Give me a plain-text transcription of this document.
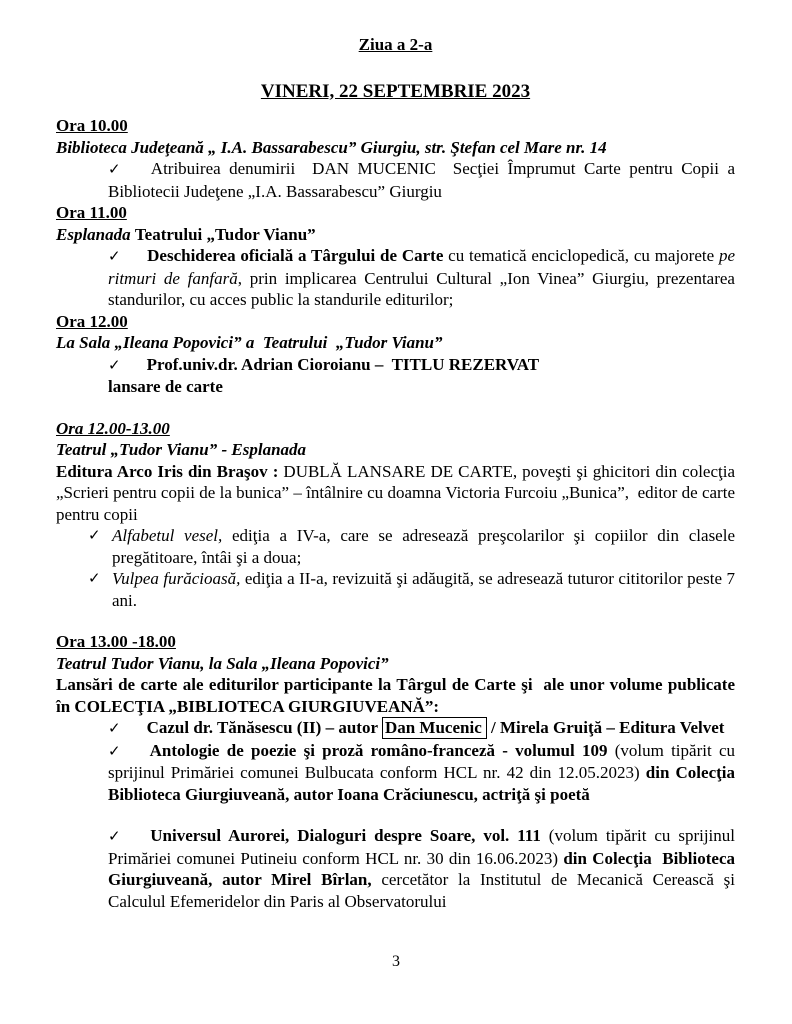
Ziua a 2-a
VINERI, 22 SEPTEMBRIE 2023
Ora 10.00
Biblioteca Judeţeană „ I.A. Bassarabescu” Giurgiu, str. Ştefan cel Mare nr. 14
✓ Atribuirea denumirii  DAN MUCENIC  Secţiei Împrumut Carte pentru Copii a Bibliotecii Judeţene „I.A. Bassarabescu” Giurgiu
Ora 11.00
Esplanada Teatrului „Tudor Vianu”
✓ Deschiderea oficială a Târgului de Carte cu tematică enciclopedică, cu majorete pe ritmuri de fanfară, prin implicarea Centrului Cultural „Ion Vinea” Giurgiu, prezentarea standurilor, cu acces public la standurile editurilor;
Ora 12.00
La Sala „Ileana Popovici” a  Teatrului  „Tudor Vianu”
✓ Prof.univ.dr. Adrian Cioroianu –  TITLU REZERVAT
lansare de carte
Ora 12.00-13.00
Teatrul „Tudor Vianu” - Esplanada
Editura Arco Iris din Braşov : DUBLĂ LANSARE DE CARTE, poveşti şi ghicitori din colecţia „Scrieri pentru copii de la bunica” – întâlnire cu doamna Victoria Furcoiu „Bunica”,  editor de carte pentru copii
✓ Alfabetul vesel, ediţia a IV-a, care se adresează preşcolarilor şi copiilor din clasele pregătitoare, întâi şi a doua;
✓ Vulpea furăcioasă, ediţia a II-a, revizuită şi adăugită, se adresează tuturor cititorilor peste 7 ani.
Ora 13.00 -18.00
Teatrul Tudor Vianu, la Sala „Ileana Popovici”
Lansări de carte ale editurilor participante la Târgul de Carte şi  ale unor volume publicate în COLECŢIA „BIBLIOTECA GIURGIUVEANĂ”:
✓ Cazul dr. Tănăsescu (II) – autor Dan Mucenic / Mirela Gruiţă – Editura Velvet
✓ Antologie de poezie şi proză româno-franceză - volumul 109 (volum tipărit cu sprijinul Primăriei comunei Bulbucata conform HCL nr. 42 din 12.05.2023) din Colecţia Biblioteca Giurgiuveană, autor Ioana Crăciunescu, actriţă şi poetă
✓ Universul Aurorei, Dialoguri despre Soare, vol. 111 (volum tipărit cu sprijinul Primăriei comunei Putineiu conform HCL nr. 30 din 16.06.2023) din Colecţia  Biblioteca Giurgiuveană, autor Mirel Bîrlan, cercetător la Institutul de Mecanică Cerească şi Calculul Efemeridelor din Paris al Observatorului
3
